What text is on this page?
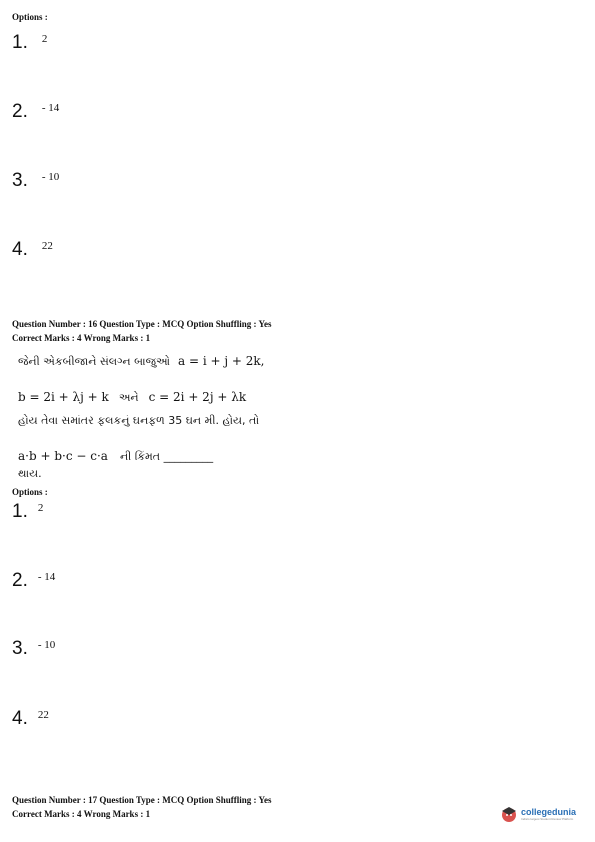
Options :
1. $^2$
2. $^{- 14}$
3. $^{- 10}$
4. $^{22}$
Question Number : 16 Question Type : MCQ Option Shuffling : Yes
Correct Marks : 4 Wrong Marks : 1
જેની એકબીજાને સંલગ્ન બાજુઓ a = i + j + 2k,
b = 2i + λj + k અને c = 2i + 2j + λk
હોય તેવા સમાંતર ફલકનું ઘનફળ 35 ઘન મી. હોય, તો
a·b + b·c − c·a ની કિંમત _________
થાય.
Options :
1. $^2$
2. $^{- 14}$
3. $^{- 10}$
4. $^{22}$
Question Number : 17 Question Type : MCQ Option Shuffling : Yes
Correct Marks : 4 Wrong Marks : 1	collegedunia
India's largest Student Review Platform
